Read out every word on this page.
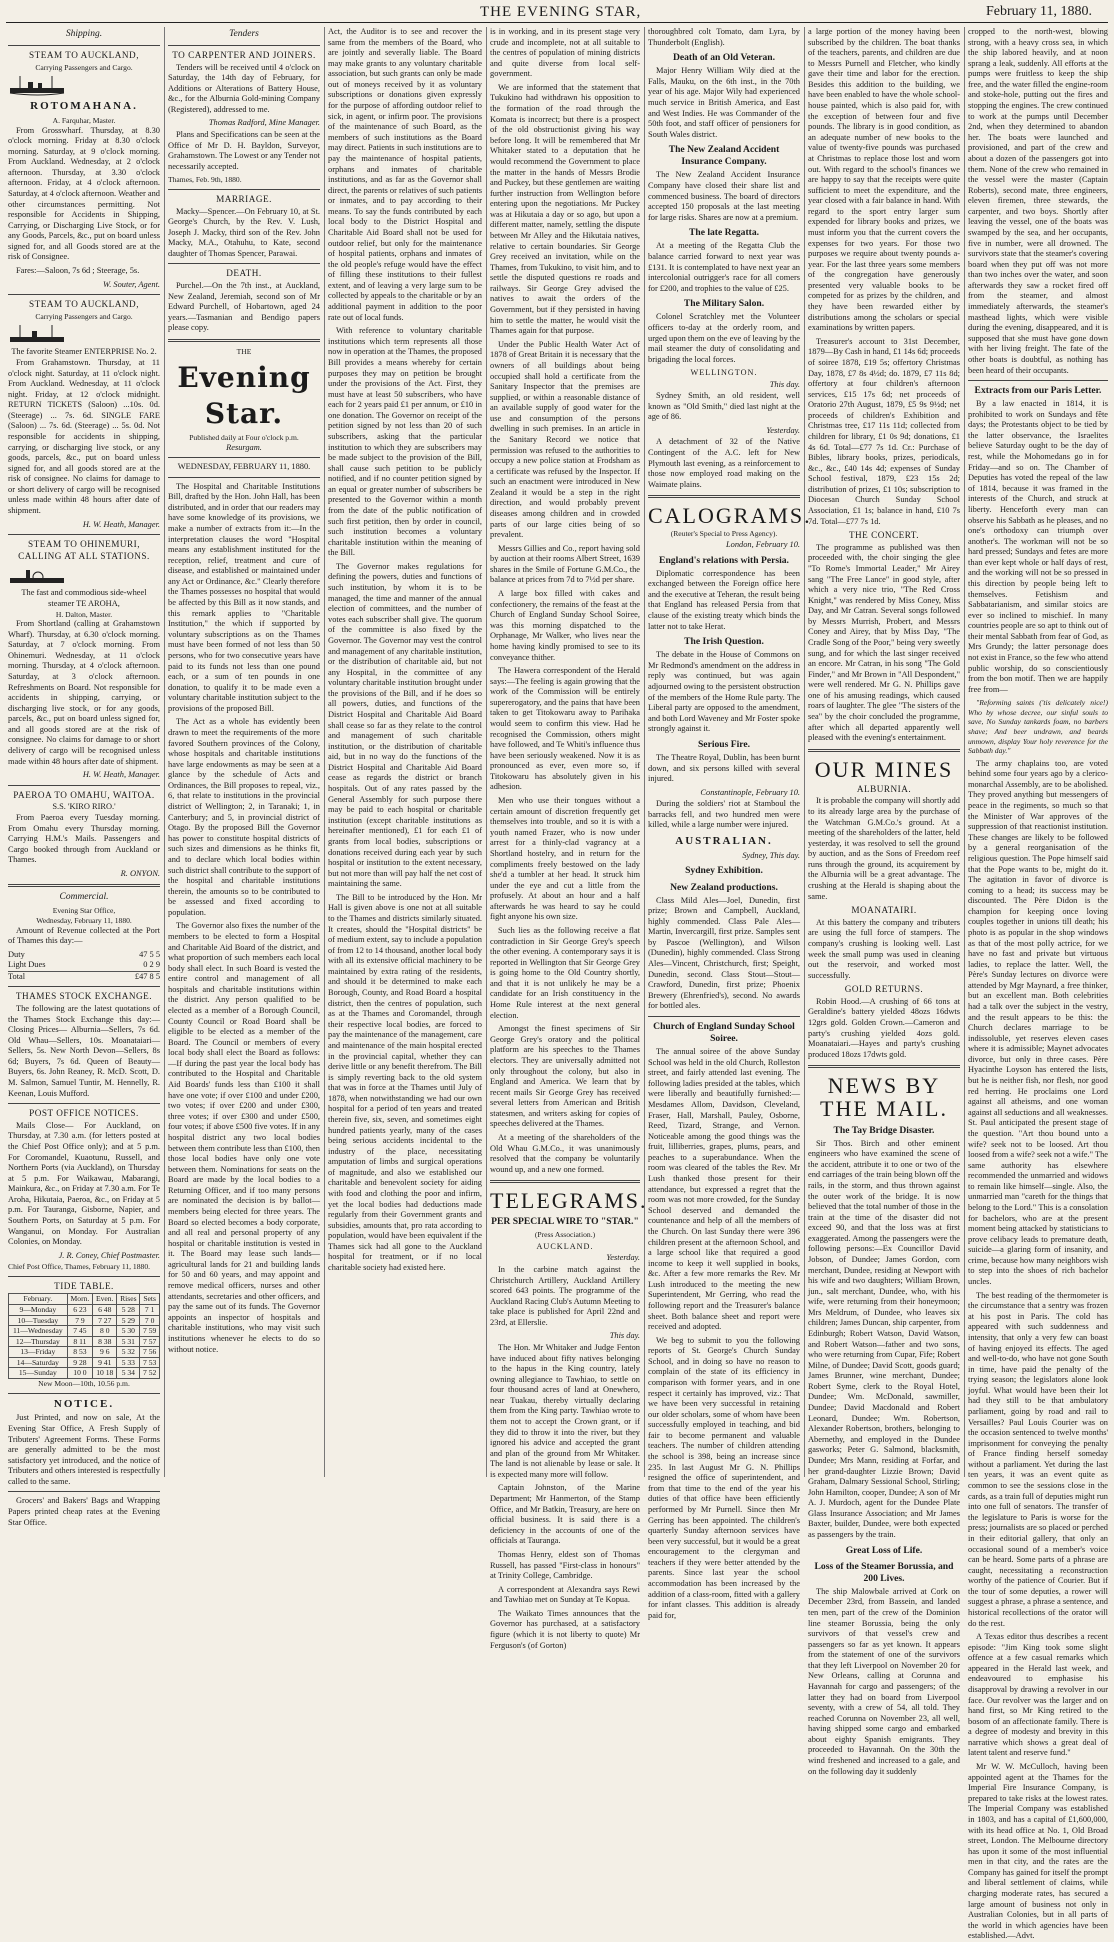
THE EVENING STAR,	February 11, 1880.
Shipping.
STEAM TO AUCKLAND,
Carrying Passengers and Cargo.
ROTOMAHANA.
A. Farquhar, Master.

From Grosswharf. Thursday, at 8.30 o'clock morning. Friday at 8.30 o'clock morning. Saturday, at 9 o'clock morning. From Auckland. Wednesday, at 2 o'clock afternoon. Thursday, at 3.30 o'clock afternoon. Friday, at 4 o'clock afternoon. Saturday, at 4 o'clock afternoon. Weather and other circumstances permitting. Not responsible for Accidents in Shipping, Carrying, or Discharging Live Stock, or for any Goods, Parcels, &c., put on board unless signed for, and all Goods stored are at the risk of Consignee.

Fares:—Saloon, 7s 6d ; Steerage, 5s.

W. Souter, Agent.
STEAM TO AUCKLAND,
Carrying Passengers and Cargo.
The favorite Steamer ENTERPRISE No. 2.

From Grahamstown. Thursday, at 11 o'clock night. Saturday, at 11 o'clock night. From Auckland. Wednesday, at 11 o'clock night. Friday, at 12 o'clock midnight. RETURN TICKETS (Saloon) ...10s. 0d. (Steerage) ... 7s. 6d. SINGLE FARE (Saloon) ... 7s. 6d. (Steerage) ... 5s. 0d. Not responsible for accidents in shipping, carrying, or discharging live stock, or any goods, parcels, &c., put on board unless signed for, and all goods stored are at the risk of consignee. No claims for damage to or short delivery of cargo will be recognised unless made within 48 hours after date of shipment.

H. W. Heath, Manager.
STEAM TO OHINEMURI, CALLING AT ALL STATIONS.
The fast and commodious side-wheel steamer TE AROHA,
H. Dalton, Master.

From Shortland (calling at Grahamstown Wharf). Thursday, at 6.30 o'clock morning. Saturday, at 7 o'clock morning. From Ohinemuri. Wednesday, at 11 o'clock morning. Thursday, at 4 o'clock afternoon. Saturday, at 3 o'clock afternoon. Refreshments on Board. Not responsible for accidents in shipping, carrying, or discharging live stock, or for any goods, parcels, &c., put on board unless signed for, and all goods stored are at the risk of consignee. No claims for damage to or short delivery of cargo will be recognised unless made within 48 hours after date of shipment.

H. W. Heath, Manager.
PAEROA TO OMAHU, WAITOA.
S.S. 'KIRO RIRO.'

From Paeroa every Tuesday morning. From Omahu every Thursday morning. Carrying H.M.'s Mails. Passengers and Cargo booked through from Auckland or Thames.

R. ONYON.
Commercial.
Evening Star Office,
Wednesday, February 11, 1880.

Amount of Revenue collected at the Port of Thames this day:—

Duty	47 5 5
Light Dues	0 2 9
Total	£47 8 5
THAMES STOCK EXCHANGE.

The following are the latest quotations of the Thames Stock Exchange this day:— Closing Prices— Alburnia—Sellers, 7s 6d. Old Whau—Sellers, 10s. Moanataiari—Sellers, 5s. New North Devon—Sellers, 8s 6d; Buyers, 7s 6d. Queen of Beauty—Buyers, 6s. John Reaney, R. McD. Scott, D. M. Salmon, Samuel Tuntir, M. Hennelly, R. Keenan, Louis Mufford.

POST OFFICE NOTICES.

Mails Close— For Auckland, on Thursday, at 7.30 a.m. (for letters posted at the Chief Post Office only); and at 5 p.m. For Coromandel, Kuaotunu, Russell, and Northern Ports (via Auckland), on Thursday at 5 p.m. For Waikawau, Mabarangi, Mainkura, &c., on Friday at 7.30 a.m. For Te Aroha, Hikutaia, Paeroa, &c., on Friday at 5 p.m. For Tauranga, Gisborne, Napier, and Southern Ports, on Saturday at 5 p.m. For Wanganui, on Monday. For Australian Colonies, on Monday.

J. R. Coney, Chief Postmaster.
Chief Post Office, Thames, February 11, 1880.
TIDE TABLE.
February.	Morn.	Even.	Rises	Sets
9—Monday	6 23	6 48	5 28	7 1
10—Tuesday	7 9	7 27	5 29	7 0
11—Wednesday	7 45	8 0	5 30	7 59
12—Thursday	8 11	8 38	5 31	7 57
13—Friday	8 53	9 6	5 32	7 56
14—Saturday	9 28	9 41	5 33	7 53
15—Sunday	10 0	10 18	5 34	7 52
New Moon—10th, 10.56 p.m.
NOTICE.

Just Printed, and now on sale, At the Evening Star Office, A Fresh Supply of Tributers' Agreement Forms. These Forms are generally admitted to be the most satisfactory yet introduced, and the notice of Tributers and others interested is respectfully called to the same.

Grocers' and Bakers' Bags and Wrapping Papers printed cheap rates at the Evening Star Office.

Tenders
TO CARPENTER AND JOINERS.

Tenders will be received until 4 o'clock on Saturday, the 14th day of February, for Additions or Alterations of Battery House, &c., for the Alburnia Gold-mining Company (Registered), addressed to me.

Thomas Radford, Mine Manager.

Plans and Specifications can be seen at the Office of Mr D. H. Bayldon, Surveyor, Grahamstown. The Lowest or any Tender not necessarily accepted.

Thames, Feb. 9th, 1880.
MARRIAGE.

Macky—Spencer.—On February 10, at St. George's Church, by the Rev. V. Lush, Joseph J. Macky, third son of the Rev. John Macky, M.A., Otahuhu, to Kate, second daughter of Thomas Spencer, Parawai.

DEATH.

Purchel.—On the 7th inst., at Auckland, New Zealand, Jeremiah, second son of Mr Edward Purchell, of Hobartown, aged 24 years.—Tasmanian and Bendigo papers please copy.

THE
Evening Star.
Published daily at Four o'clock p.m.
Resurgam.
WEDNESDAY, FEBRUARY 11, 1880.

The Hospital and Charitable Institutions Bill, drafted by the Hon. John Hall, has been distributed, and in order that our readers may have some knowledge of its provisions, we make a number of extracts from it:—In the interpretation clauses the word "Hospital means any establishment instituted for the reception, relief, treatment and cure of disease, and established or maintained under any Act or Ordinance, &c." Clearly therefore the Thames possesses no hospital that would be affected by this Bill as it now stands, and this remark applies to "Charitable Institution," the which if supported by voluntary subscriptions as on the Thames must have been formed of not less than 50 persons, who for two consecutive years have paid to its funds not less than one pound each, or a sum of ten pounds in one donation, to qualify it to be made even a voluntary charitable institution subject to the provisions of the proposed Bill.

The Act as a whole has evidently been drawn to meet the requirements of the more favored Southern provinces of the Colony, whose hospitals and charitable institutions have large endowments as may be seen at a glance by the schedule of Acts and Ordinances, the Bill proposes to repeal, viz., 6, that relate to institutions in the provincial district of Wellington; 2, in Taranaki; 1, in Canterbury; and 5, in provincial district of Otago. By the proposed Bill the Governor has power to constitute hospital districts of such sizes and dimensions as he thinks fit, and to declare which local bodies within such district shall contribute to the support of the hospital and charitable institutions therein, the amounts so to be contributed to be assessed and fixed according to population.

The Governor also fixes the number of the members to be elected to form a Hospital and Charitable Aid Board of the district, and what proportion of such members each local body shall elect. In such Board is vested the entire control and management of all hospitals and charitable institutions within the district. Any person qualified to be elected as a member of a Borough Council, County Council or Road Board shall be eligible to be elected as a member of the Board. The Council or members of every local body shall elect the Board as follows:—If during the past year the local body has contributed to the Hospital and Charitable Aid Boards' funds less than £100 it shall have one vote; if over £100 and under £200, two votes; if over £200 and under £300, three votes; if over £300 and under £500, four votes; if above £500 five votes. If in any hospital district any two local bodies between them contribute less than £100, then those local bodies have only one vote between them. Nominations for seats on the Board are made by the local bodies to a Returning Officer, and if too many persons are nominated the decision is by ballot—members being elected for three years. The Board so elected becomes a body corporate, and all real and personal property of any hospital or charitable institution is vested in it. The Board may lease such lands—agricultural lands for 21 and building lands for 50 and 60 years, and may appoint and remove medical officers, nurses and other attendants, secretaries and other officers, and pay the same out of its funds. The Governor appoints an inspector of hospitals and charitable institutions, who may visit such institutions whenever he elects to do so without notice.

Act, the Auditor is to see and recover the same from the members of the Board, who are jointly and severally liable. The Board may make grants to any voluntary charitable association, but such grants can only be made out of moneys received by it as voluntary subscriptions or donations given expressly for the purpose of affording outdoor relief to sick, in agent, or infirm poor. The provisions of the maintenance of such Board, as the members of such institutions as the Board may direct. Patients in such institutions are to pay the maintenance of hospital patients, orphans and inmates of charitable institutions, and as far as the Governor shall direct, the parents or relatives of such patients or inmates, and to pay according to their means. To say the funds contributed by each local body to the District Hospital and Charitable Aid Board shall not be used for outdoor relief, but only for the maintenance of hospital patients, orphans and inmates of the old people's refuge would have the effect of filling these institutions to their fullest extent, and of leaving a very large sum to be collected by appeals to the charitable or by an additional payment in addition to the poor rate out of local funds.

With reference to voluntary charitable institutions which term represents all those now in operation at the Thames, the proposed Bill provides a means whereby for certain purposes they may on petition be brought under the provisions of the Act. First, they must have at least 50 subscribers, who have each for 2 years paid £1 per annum, or £10 in one donation. The Governor on receipt of the petition signed by not less than 20 of such subscribers, asking that the particular institution to which they are subscribers may be made subject to the provision of the Bill, shall cause such petition to be publicly notified, and if no counter petition signed by an equal or greater number of subscribers be presented to the Governor within a month from the date of the public notification of such first petition, then by order in council, such institution becomes a voluntary charitable institution within the meaning of the Bill.

The Governor makes regulations for defining the powers, duties and functions of such institution, by whom it is to be managed, the time and manner of the annual election of committees, and the number of votes each subscriber shall give. The quorum of the committee is also fixed by the Governor. The Governor may vest the control and management of any charitable institution, or the distribution of charitable aid, but not any Hospital, in the committee of any voluntary charitable institution brought under the provisions of the Bill, and if he does so all powers, duties, and functions of the District Hospital and Charitable Aid Board shall cease so far as they relate to the control and management of such charitable institution, or the distribution of charitable aid, but in no way do the functions of the District Hospital and Charitable Aid Board cease as regards the district or branch hospitals. Out of any rates passed by the General Assembly for such purpose there may be paid to each hospital or charitable institution (except charitable institutions as hereinafter mentioned), £1 for each £1 of grants from local bodies, subscriptions or donations received during each year by such hospital or institution to the extent necessary, but not more than will pay half the net cost of maintaining the same.

The Bill to be introduced by the Hon. Mr Hall is given above is one not at all suitable to the Thames and districts similarly situated. It creates, should the "Hospital districts" be of medium extent, say to include a population of from 12 to 14 thousand, another local body with all its extensive official machinery to be maintained by extra rating of the residents, and should it be determined to make each Borough, County, and Road Board a hospital district, then the centres of population, such as at the Thames and Coromandel, through their respective local bodies, are forced to pay the maintenance of the management, care and maintenance of the main hospital erected in the provincial capital, whether they can derive little or any benefit therefrom. The Bill is simply reverting back to the old system that was in force at the Thames until July of 1878, when notwithstanding we had our own hospital for a period of ten years and treated therein five, six, seven, and sometimes eight hundred patients yearly, many of the cases being serious accidents incidental to the industry of the place, necessitating amputation of limbs and surgical operations of magnitude, and also we established our charitable and benevolent society for aiding with food and clothing the poor and infirm, yet the local bodies had deductions made regularly from their Government grants and subsidies, amounts that, pro rata according to population, would have been equivalent if the Thames sick had all gone to the Auckland hospital for treatment, or if no local charitable society had existed here.

is in working, and in its present stage very crude and incomplete, not at all suitable to the centres of population of mining districts and quite diverse from local self-government.

We are informed that the statement that Tukukino had withdrawn his opposition to the formation of the road through the Komata is incorrect; but there is a prospect of the old obstructionist giving his way before long. It will be remembered that Mr Whitaker stated to a deputation that he would recommend the Government to place the matter in the hands of Messrs Brodie and Puckey, but these gentlemen are waiting further instruction from Wellington before entering upon the negotiations. Mr Puckey was at Hikutaia a day or so ago, but upon a different matter, namely, settling the dispute between Mr Alley and the Hikutaia natives, relative to certain boundaries. Sir George Grey received an invitation, while on the Thames, from Tukukino, to visit him, and to settle the disputed questions re roads and railways. Sir George Grey advised the natives to await the orders of the Government, but if they persisted in having him to settle the matter, he would visit the Thames again for that purpose.

Under the Public Health Water Act of 1878 of Great Britain it is necessary that the owners of all buildings about being occupied shall hold a certificate from the Sanitary Inspector that the premises are supplied, or within a reasonable distance of an available supply of good water for the use and consumption of the persons dwelling in such premises. In an article in the Sanitary Record we notice that permission was refused to the authorities to occupy a new police station at Frodsham as a certificate was refused by the Inspector. If such an enactment were introduced in New Zealand it would be a step in the right direction, and would probably prevent diseases among children and in crowded parts of our large cities being of so prevalent.

Messrs Gillies and Co., report having sold by auction at their rooms Albert Street, 1639 shares in the Smile of Fortune G.M.Co., the balance at prices from 7d to 7½d per share.

A large box filled with cakes and confectionery, the remains of the feast at the Church of England Sunday School Soiree, was this morning dispatched to the Orphanage, Mr Walker, who lives near the home having kindly promised to see to its conveyance thither.

The Hawera correspondent of the Herald says:—The feeling is again growing that the work of the Commission will be entirely supererogatory, and the pains that have been taken to get Titokowaru away to Parihaka would seem to confirm this view. Had he recognised the Commission, others might have followed, and Te Whiti's influence thus have been seriously weakened. Now it is as pronounced as ever, even more so, if Titokowaru has absolutely given in his adhesion.

Men who use their tongues without a certain amount of discretion frequently get themselves into trouble, and so it is with a youth named Frazer, who is now under arrest for a thinly-clad vagrancy at a Shortland hostelry, and in return for the compliments freely bestowed on the lady she'd a tumbler at her head. It struck him under the eye and cut a little from the profusely. At about an hour and a half afterwards he was heard to say he could fight anyone his own size.

Such lies as the following receive a flat contradiction in Sir George Grey's speech the other evening. A contemporary says it is reported in Wellington that Sir George Grey is going home to the Old Country shortly, and that it is not unlikely he may be a candidate for an Irish constituency in the Home Rule interest at the next general election.

Amongst the finest specimens of Sir George Grey's oratory and the political platform are his speeches to the Thames electors. They are universally admitted not only throughout the colony, but also in England and America. We learn that by recent mails Sir George Grey has received several letters from American and British statesmen, and writers asking for copies of speeches delivered at the Thames.

At a meeting of the shareholders of the Old Whau G.M.Co., it was unanimously resolved that the company be voluntarily wound up, and a new one formed.

TELEGRAMS.
PER SPECIAL WIRE TO "STAR."
(Press Association.)
AUCKLAND.
Yesterday.

In the carbine match against the Christchurch Artillery, Auckland Artillery scored 643 points. The programme of the Auckland Racing Club's Autumn Meeting to take place is published for April 22nd and 23rd, at Ellerslie.

This day.

The Hon. Mr Whitaker and Judge Fenton have induced about fifty natives belonging to the hapus in the King country, lately owning allegiance to Tawhiao, to settle on four thousand acres of land at Onewhero, near Tuakau, thereby virtually declaring them from the King party. Tawhiao wrote to them not to accept the Crown grant, or if they did to throw it into the river, but they ignored his advice and accepted the grant and plan of the ground from Mr Whitaker. The land is not alienable by lease or sale. It is expected many more will follow.

Captain Johnston, of the Marine Department; Mr Hanmerton, of the Stamp Office, and Mr Batkin, Treasury, are here on official business. It is said there is a deficiency in the accounts of one of the officials at Tauranga.

Thomas Henry, eldest son of Thomas Russell, has passed "First-class in honours" at Trinity College, Cambridge.

A correspondent at Alexandra says Rewi and Tawhiao met on Sunday at Te Kopua.

The Waikato Times announces that the Governor has purchased, at a satisfactory figure (which it is not liberty to quote) Mr Ferguson's (of Gorton)

thoroughbred colt Tomato, dam Lyra, by Thunderbolt (English).

Death of an Old Veteran.

Major Henry William Wily died at the Falls, Mauku, on the 6th inst., in the 70th year of his age. Major Wily had experienced much service in British America, and East and West Indies. He was Commander of the 50th foot, and staff officer of pensioners for South Wales district.

The New Zealand Accident Insurance Company.

The New Zealand Accident Insurance Company have closed their share list and commenced business. The board of directors accepted 150 proposals at the last meeting for large risks. Shares are now at a premium.

The late Regatta.

At a meeting of the Regatta Club the balance carried forward to next year was £131. It is contemplated to have next year an intercolonial outrigger's race for all comers for £200, and trophies to the value of £25.

The Military Salon.

Colonel Scratchley met the Volunteer officers to-day at the orderly room, and urged upon them on the eve of leaving by the mail steamer the duty of consolidating and brigading the local forces.

WELLINGTON.
This day.

Sydney Smith, an old resident, well known as "Old Smith," died last night at the age of 86.

Yesterday.

A detachment of 32 of the Native Contingent of the A.C. left for New Plymouth last evening, as a reinforcement to those now employed road making on the Waimate plains.

CALOGRAMS.
(Reuter's Special to Press Agency).
London, February 10.
England's relations with Persia.

Diplomatic correspondence has been exchanged between the Foreign office here and the executive at Teheran, the result being that England has released Persia from that clause of the existing treaty which binds the latter not to take Herat.

The Irish Question.

The debate in the House of Commons on Mr Redmond's amendment on the address in reply was continued, but was again adjourned owing to the persistent obstruction of the members of the Home Rule party. The Liberal party are opposed to the amendment, and both Lord Waveney and Mr Foster spoke strongly against it.

Serious Fire.

The Theatre Royal, Dublin, has been burnt down, and six persons killed with several injured.

Constantinople, February 10.

During the soldiers' riot at Stamboul the barracks fell, and two hundred men were killed, while a large number were injured.

AUSTRALIAN.
Sydney, This day.
Sydney Exhibition.
New Zealand productions.

Class Mild Ales—Joel, Dunedin, first prize; Brown and Campbell, Auckland, highly commended. Class Pale Ales—Martin, Invercargill, first prize. Samples sent by Pascoe (Wellington), and Wilson (Dunedin), highly commended. Class Strong Ales—Vincent, Christchurch, first; Speight, Dunedin, second. Class Stout—Stout—Crawford, Dunedin, first prize; Phoenix Brewery (Ehrenfried's), second. No awards for bottled ales.

Church of England Sunday School Soiree.

The annual soiree of the above Sunday School was held in the old Church, Rolleston street, and fairly attended last evening. The following ladies presided at the tables, which were liberally and beautifully furnished:—Mesdames Allom, Davidson, Cleveland, Fraser, Hall, Marshall, Pauley, Osborne, Reed, Tizard, Strange, and Vernon. Noticeable among the good things was the fruit, lilliberries, grapes, plums, pears, and peaches to a superabundance. When the room was cleared of the tables the Rev. Mr Lush thanked those present for their attendance, but expressed a regret that the room was not more crowded, for the Sunday School deserved and demanded the countenance and help of all the members of the Church. On last Sunday there were 396 children present at the afternoon School, and a large school like that required a good income to keep it well supplied in books, &c. After a few more remarks the Rev. Mr Lush introduced to the meeting the new Superintendent, Mr Gerring, who read the following report and the Treasurer's balance sheet. Both balance sheet and report were received and adopted.

We beg to submit to you the following reports of St. George's Church Sunday School, and in doing so have no reason to complain of the state of its efficiency in comparison with former years, and in one respect it certainly has improved, viz.: That we have been very successful in retaining our older scholars, some of whom have been successfully employed in teaching, and bid fair to become permanent and valuable teachers. The number of children attending the school is 398, being an increase since 235. In last August Mr G. N. Phillips resigned the office of superintendent, and from that time to the end of the year his duties of that office have been efficiently performed by Mr Purnell. Since then Mr Gerring has been appointed. The children's quarterly Sunday afternoon services have been very successful, but it would be a great encouragement to the clergyman and teachers if they were better attended by the parents. Since last year the school accommodation has been increased by the addition of a class-room, fitted with a gallery for infant classes. This addition is already paid for,

a large portion of the money having been subscribed by the children. The boat thanks of the teachers, parents, and children are due to Messrs Purnell and Fletcher, who kindly gave their time and labor for the erection. Besides this addition to the building, we have been enabled to have the whole school-house painted, which is also paid for, with the exception of between four and five pounds. The library is in good condition, as an adequate number of new books to the value of twenty-five pounds was purchased at Christmas to replace those lost and worn out. With regard to the school's finances we are happy to say that the receipts were quite sufficient to meet the expenditure, and the year closed with a fair balance in hand. With regard to the sport entry larger sum expended for library books and prizes, we must inform you that the current covers the expenses for two years. For those two purposes we require about twenty pounds a-year. For the last three years some members of the congregation have generously presented very valuable books to be competed for as prizes by the children, and they have been rewarded either by distributions among the scholars or special examinations by written papers.

Treasurer's account to 31st December, 1879—By Cash in hand, £1 14s 6d; proceeds of soiree 1878, £19 5s; offertory Christmas Day, 1878, £7 8s 4½d; do. 1879, £7 11s 8d; offertory at four children's afternoon services, £15 17s 6d; net proceeds of Oratorio 27th August, 1879, £5 9s 9½d; net proceeds of children's Exhibition and Christmas tree, £17 11s 11d; collected from children for library, £1 0s 9d; donations, £1 4s 6d. Total—£77 7s 1d. Cr.: Purchase of Bibles, library books, prizes, periodicals, &c., &c., £40 14s 4d; expenses of Sunday School festival, 1879, £23 15s 2d; distribution of prizes, £1 10s; subscription to Diocesan Church Sunday School Association, £1 1s; balance in hand, £10 7s 7d. Total—£77 7s 1d.

THE CONCERT.

The programme as published was then proceeded with, the choir singing the glee "To Rome's Immortal Leader," Mr Airey sang "The Free Lance" in good style, after which a very nice trio, "The Red Cross Knight," was rendered by Miss Coney, Miss Day, and Mr Catran. Several songs followed by Messrs Murrish, Probert, and Messrs Coney and Airey, that by Miss Day, "The Cradle Song of the Poor," being very sweetly sung, and for which the last singer received an encore. Mr Catran, in his song "The Gold Finder," and Mr Brown in "All Despondent," were well rendered. Mr G. N. Phillips gave one of his amusing readings, which caused roars of laughter. The glee "The sisters of the sea" by the choir concluded the programme, after which all departed apparently well pleased with the evening's entertainment.

OUR MINES
ALBURNIA.

It is probable the company will shortly add to its already large area by the purchase of the Watchman G.M.Co.'s ground. At a meeting of the shareholders of the latter, held yesterday, it was resolved to sell the ground by auction, and as the Sons of Freedom reef runs through the ground, its acquirement by the Alburnia will be a great advantage. The crushing at the Herald is shaping about the same.

MOANATAIRI.

At this battery the company and tributers are using the full force of stampers. The company's crushing is looking well. Last week the small pump was used in cleaning out the reservoir, and worked most successfully.

GOLD RETURNS.

Robin Hood.—A crushing of 66 tons at Geraldine's battery yielded 48ozs 16dwts 12grs gold. Golden Crown.—Cameron and party's crushing yielded 4ozs gold. Moanataiari.—Hayes and party's crushing produced 18ozs 17dwts gold.

NEWS BY THE MAIL.
The Tay Bridge Disaster.

Sir Thos. Birch and other eminent engineers who have examined the scene of the accident, attribute it to one or two of the end carriages of the train being blown off the rails, in the storm, and thus thrown against the outer work of the bridge. It is now believed that the total number of those in the train at the time of the disaster did not exceed 90, and that the loss was at first exaggerated. Among the passengers were the following persons:—Ex Councillor David Jobson, of Dundee; James Gordon, corn merchant, Dundee, residing at Newport with his wife and two daughters; William Brown, jun., salt merchant, Dundee, who, with his wife, were returning from their honeymoon; Mrs Meldrum, of Dundee, who leaves six children; James Duncan, ship carpenter, from Edinburgh; Robert Watson, David Watson, and Robert Watson—father and two sons, who were returning from Cupar, Fife; Robert Milne, of Dundee; David Scott, goods guard; James Brunner, wine merchant, Dundee; Robert Syme, clerk to the Royal Hotel, Dundee; Wm. McDonald, sawmiller, Dundee; David Macdonald and Robert Leonard, Dundee; Wm. Robertson, Alexander Robertson, brothers, belonging to Abernethy, and employed in the Dundee gasworks; Peter G. Salmond, blacksmith, Dundee; Mrs Mann, residing at Forfar, and her grand-daughter Lizzie Brown; David Graham, Dalmary Sessional School, Stirling; John Hamilton, cooper, Dundee; A son of Mr A. J. Murdoch, agent for the Dundee Plate Glass Insurance Association; and Mr James Baxter, builder, Dundee, were both expected as passengers by the train.

Great Loss of Life.
Loss of the Steamer Borussia, and 200 Lives.

The ship Malowbale arrived at Cork on December 23rd, from Bassein, and landed ten men, part of the crew of the Dominion line steamer Borussia, being the only survivors of that vessel's crew and passengers so far as yet known. It appears from the statement of one of the survivors that they left Liverpool on November 20 for New Orleans, calling at Corunna and Havannah for cargo and passengers; of the latter they had on board from Liverpool seventy, with a crew of 54, all told. They reached Corunna on November 23, all well, having shipped some cargo and embarked about eighty Spanish emigrants. They proceeded to Havannah. On the 30th the wind freshened and increased to a gale, and on the following day it suddenly

cropped to the north-west, blowing strong, with a heavy cross sea, in which the ship labored heavily, and at noon sprang a leak, suddenly. All efforts at the pumps were fruitless to keep the ship free, and the water filled the engine-room and stoke-hole, putting out the fires and stopping the engines. The crew continued to work at the pumps until December 2nd, when they determined to abandon her. The boats were launched and provisioned, and part of the crew and about a dozen of the passengers got into them. None of the crew who remained in the vessel were the master (Captain Roberts), second mate, three engineers, eleven firemen, three stewards, the carpenter, and two boys. Shortly after leaving the vessel, one of the boats was swamped by the sea, and her occupants, five in number, were all drowned. The survivors state that the steamer's covering board when they put off was not more than two inches over the water, and soon afterwards they saw a rocket fired off from the steamer, and almost immediately afterwards, the steamer's masthead lights, which were visible during the evening, disappeared, and it is supposed that she must have gone down with her living freight. The fate of the other boats is doubtful, as nothing has been heard of their occupants.

Extracts from our Paris Letter.

By a law enacted in 1814, it is prohibited to work on Sundays and fête days; the Protestants object to be tied by the latter observance, the Israelites believe Saturday ought to be the day of rest, while the Mohomedans go in for Friday—and so on. The Chamber of Deputies has voted the repeal of the law of 1814, because it was framed in the interests of the Church, and struck at liberty. Henceforth every man can observe his Sabbath as he pleases, and no one's orthodoxy can triumph over another's. The workman will not be so hard pressed; Sundays and fetes are more than ever kept whole or half days of rest, and the working will not be so pressed in this direction by people being left to themselves. Fetishism and Sabbatarianism, and similar stoics are ever so inclined to mischief. In many countries people are so apt to think out of their mental Sabbath from fear of God, as Mrs Grundy; the latter personage does not exist in France, so the few who attend public worship, do so conscientiously from the bon motif. Then we are happily free from—

"Reforming saints ('tis delicately nice!) Who by whose decree, our sinful souls to save, No Sunday tankards foam, no barbers shave; And beer undrawn, and beards unmown, display Your holy reverence for the Sabbath day."

The army chaplains too, are voted behind some four years ago by a clerico-monarchal Assembly, are to be abolished. They proved anything but messengers of peace in the regiments, so much so that the Minister of War approves of the suppression of that reactionist institution. These changes are likely to be followed by a general reorganisation of the religious question. The Pope himself said that the Pope wants to be, might do it. The agitation in favor of divorce is coming to a head; its success may be discounted. The Père Didon is the champion for keeping once loving couples together in unions till death; his photo is as popular in the shop windows as that of the most polly actrice, for we have no fast and private but virtuous ladies, to replace the latter. Well, the Père's Sunday lectures on divorce were attended by Mgr Maynard, a free thinker, but an excellent man. Both celebrities had a talk over the subject in the vestry, and the result appears to be this: the Church declares marriage to be indissoluble, yet reserves eleven cases where it is admissible; Maynet advocates divorce, but only in three cases. Père Hyacinthe Loyson has entered the lists, but he is neither fish, nor flesh, nor good red herring. He proclaims one Lord against all atheisms, and one woman against all seductions and all weaknesses. St. Paul anticipated the present stage of the question. "Art thou bound unto a wife? seek not to be loosed. Art thou loosed from a wife? seek not a wife." The same authority has elsewhere recommended the unmarried and widows to remain like himself—single. Also, the unmarried man "careth for the things that belong to the Lord." This is a consolation for bachelors, who are at the present moment being attacked by statisticians to prove celibacy leads to premature death, suicide—a glaring form of insanity, and crime, because how many neighbors wish to step into the shoes of rich bachelor uncles.

The best reading of the thermometer is the circumstance that a sentry was frozen at his post in Paris. The cold has appeared with such suddenness and intensity, that only a very few can boast of having enjoyed its effects. The aged and well-to-do, who have not gone South in time, have paid the penalty of the trying season; the legislators alone look joyful. What would have been their lot had they still to be that ambulatory parliament, going by road and rail to Versailles? Paul Louis Courier was on the occasion sentenced to twelve months' imprisonment for conveying the penalty of France finding herself someday without a parliament. Yet during the last ten years, it was an event quite as common to see the sessions close in the cards, as a train full of deputies might run into one full of senators. The transfer of the legislature to Paris is worse for the press; journalists are so placed or perched in their editorial gallery, that only an occasional sound of a member's voice can be heard. Some parts of a phrase are caught, necessitating a reconstruction worthy of the patience of Courier. But if the tour of some deputies, a rower will suggest a phrase, a phrase a sentence, and historical recollections of the orator will do the rest.

A Texas editor thus describes a recent episode: "Jim King took some slight offence at a few casual remarks which appeared in the Herald last week, and endeavoured to emphasise his disapproval by drawing a revolver in our face. Our revolver was the larger and on hand first, so Mr King retired to the bosom of an affectionate family. There is a degree of modesty and brevity in this narrative which shows a great deal of latent talent and reserve fund."

Mr W. W. McCulloch, having been appointed agent at the Thames for the Imperial Fire Insurance Company, is prepared to take risks at the lowest rates. The Imperial Company was established in 1803, and has a capital of £1,600,000, with its head office at No. 1, Old Broad street, London. The Melbourne directory has upon it some of the most influential men in that city, and the rates are the Company has gained for itself the prompt and liberal settlement of claims, while charging moderate rates, has secured a large amount of business not only in Australian Colonies, but in all parts of the world in which agencies have been established.—Advt.
